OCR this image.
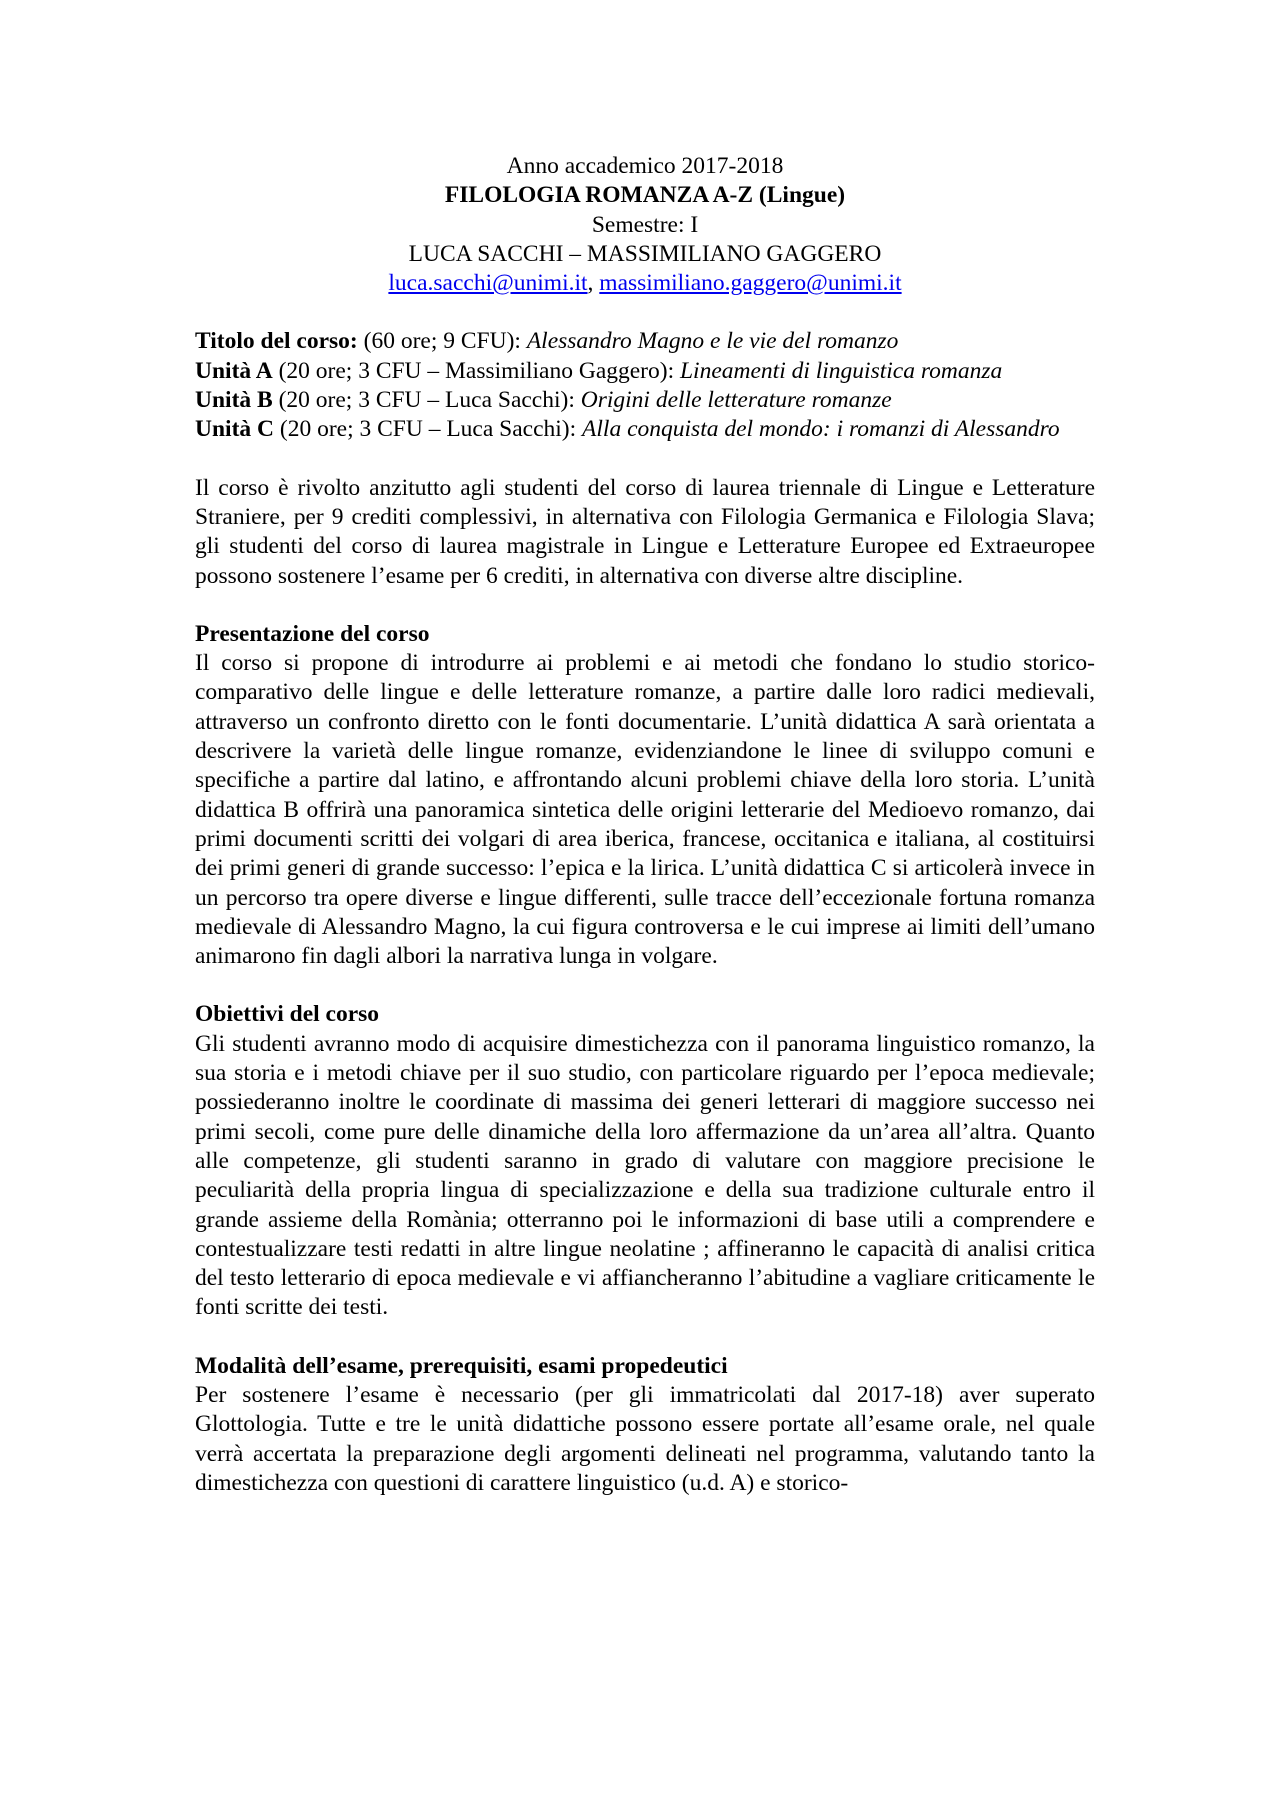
Anno accademico 2017-2018
FILOLOGIA ROMANZA A-Z (Lingue)
Semestre: I
LUCA SACCHI – MASSIMILIANO GAGGERO
luca.sacchi@unimi.it, massimiliano.gaggero@unimi.it

Titolo del corso: (60 ore; 9 CFU): Alessandro Magno e le vie del romanzo

Unità A (20 ore; 3 CFU – Massimiliano Gaggero): Lineamenti di linguistica romanza

Unità B (20 ore; 3 CFU – Luca Sacchi): Origini delle letterature romanze

Unità C (20 ore; 3 CFU – Luca Sacchi): Alla conquista del mondo: i romanzi di Alessandro

Il corso è rivolto anzitutto agli studenti del corso di laurea triennale di Lingue e Letterature Straniere, per 9 crediti complessivi, in alternativa con Filologia Germanica e Filologia Slava; gli studenti del corso di laurea magistrale in Lingue e Letterature Europee ed Extraeuropee possono sostenere l’esame per 6 crediti, in alternativa con diverse altre discipline.

Presentazione del corso

Il corso si propone di introdurre ai problemi e ai metodi che fondano lo studio storico-comparativo delle lingue e delle letterature romanze, a partire dalle loro radici medievali, attraverso un confronto diretto con le fonti documentarie. L’unità didattica A sarà orientata a descrivere la varietà delle lingue romanze, evidenziandone le linee di sviluppo comuni e specifiche a partire dal latino, e affrontando alcuni problemi chiave della loro storia. L’unità didattica B offrirà una panoramica sintetica delle origini letterarie del Medioevo romanzo, dai primi documenti scritti dei volgari di area iberica, francese, occitanica e italiana, al costituirsi dei primi generi di grande successo: l’epica e la lirica. L’unità didattica C si articolerà invece in un percorso tra opere diverse e lingue differenti, sulle tracce dell’eccezionale fortuna romanza medievale di Alessandro Magno, la cui figura controversa e le cui imprese ai limiti dell’umano animarono fin dagli albori la narrativa lunga in volgare.

Obiettivi del corso

Gli studenti avranno modo di acquisire dimestichezza con il panorama linguistico romanzo, la sua storia e i metodi chiave per il suo studio, con particolare riguardo per l’epoca medievale; possiederanno inoltre le coordinate di massima dei generi letterari di maggiore successo nei primi secoli, come pure delle dinamiche della loro affermazione da un’area all’altra. Quanto alle competenze, gli studenti saranno in grado di valutare con maggiore precisione le peculiarità della propria lingua di specializzazione e della sua tradizione culturale entro il grande assieme della Romània; otterranno poi le informazioni di base utili a comprendere e contestualizzare testi redatti in altre lingue neolatine ; affineranno le capacità di analisi critica del testo letterario di epoca medievale e vi affiancheranno l’abitudine a vagliare criticamente le fonti scritte dei testi.

Modalità dell’esame, prerequisiti, esami propedeutici

Per sostenere l’esame è necessario (per gli immatricolati dal 2017-18) aver superato Glottologia. Tutte e tre le unità didattiche possono essere portate all’esame orale, nel quale verrà accertata la preparazione degli argomenti delineati nel programma, valutando tanto la dimestichezza con questioni di carattere linguistico (u.d. A) e storico-
